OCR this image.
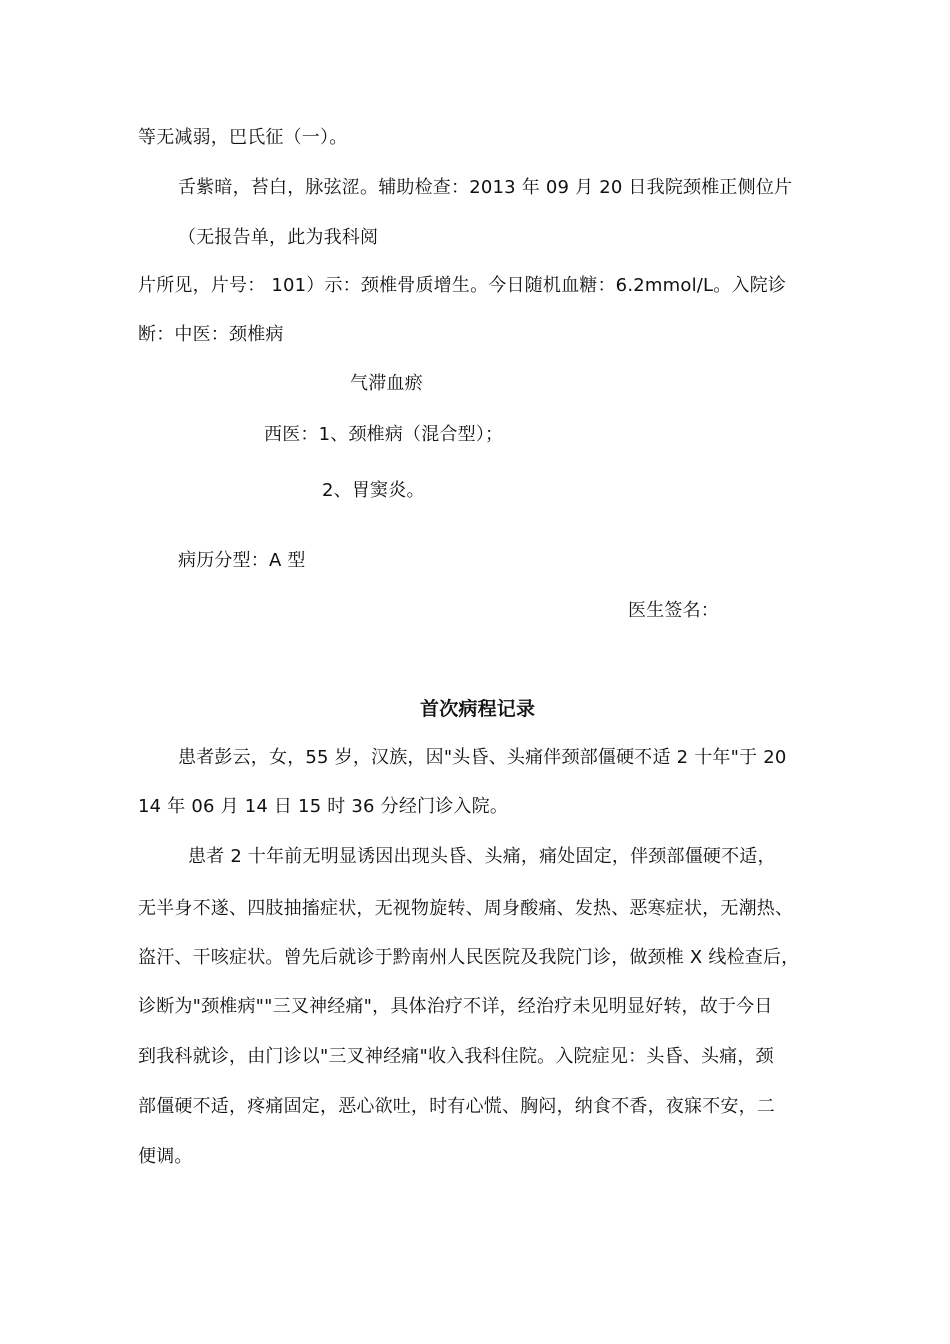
等无减弱，巴氏征（一）。
舌紫暗，苔白，脉弦涩。辅助检查：2013 年 09 月 20 日我院颈椎正侧位片
（无报告单，此为我科阅
片所见，片号： 101）示：颈椎骨质增生。今日随机血糖：6.2mmol/L。入院诊
断：中医：颈椎病
气滞血瘀
西医：1、颈椎病（混合型）；
2、胃窦炎。
病历分型：A 型
医生签名：
首次病程记录
患者彭云，女，55 岁，汉族，因"头昏、头痛伴颈部僵硬不适 2 十年"于 20
14 年 06 月 14 日 15 时 36 分经门诊入院。
患者 2 十年前无明显诱因出现头昏、头痛，痛处固定，伴颈部僵硬不适，
无半身不遂、四肢抽搐症状，无视物旋转、周身酸痛、发热、恶寒症状，无潮热、
盗汗、干咳症状。曾先后就诊于黔南州人民医院及我院门诊，做颈椎 X 线检查后，
诊断为"颈椎病""三叉神经痛"，具体治疗不详，经治疗未见明显好转，故于今日
到我科就诊，由门诊以"三叉神经痛"收入我科住院。入院症见：头昏、头痛，颈
部僵硬不适，疼痛固定，恶心欲吐，时有心慌、胸闷，纳食不香，夜寐不安，二
便调。
